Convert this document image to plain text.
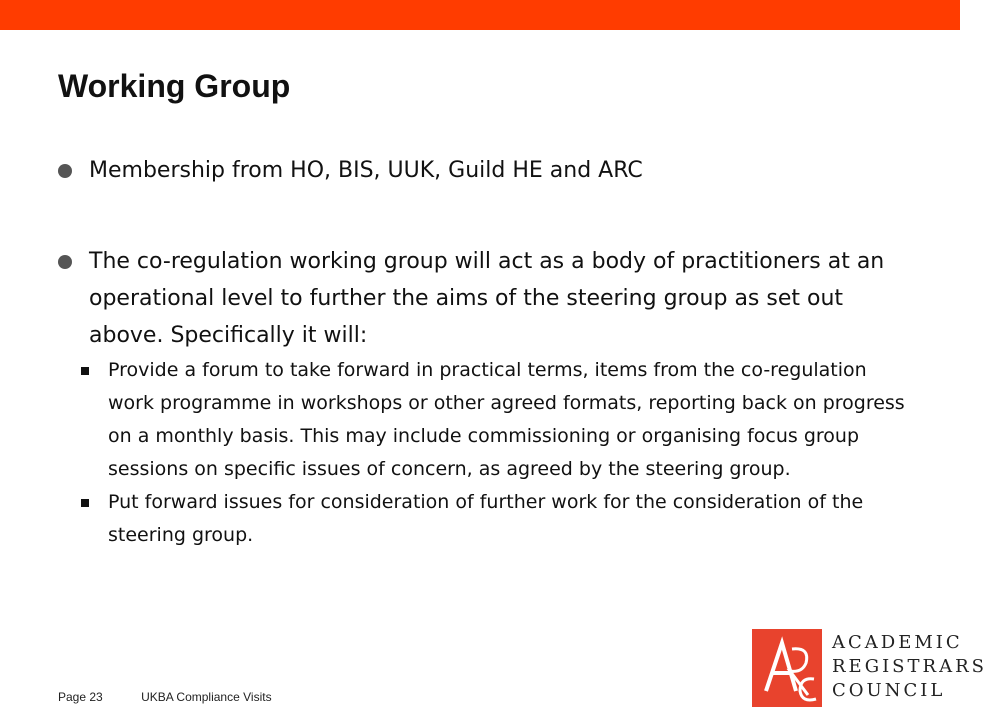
Working Group
Membership from HO, BIS, UUK, Guild HE and ARC
The co-regulation working group will act as a body of practitioners at an operational level to further the aims of the steering group as set out above. Specifically it will:
Provide a forum to take forward in practical terms, items from the co-regulation work programme in workshops or other agreed formats, reporting back on progress on a monthly basis. This may include commissioning or organising focus group sessions on specific issues of concern, as agreed by the steering group.
Put forward issues for consideration of further work for the consideration of the steering group.
Page 23	UKBA Compliance Visits
ACADEMIC
REGISTRARS
COUNCIL
